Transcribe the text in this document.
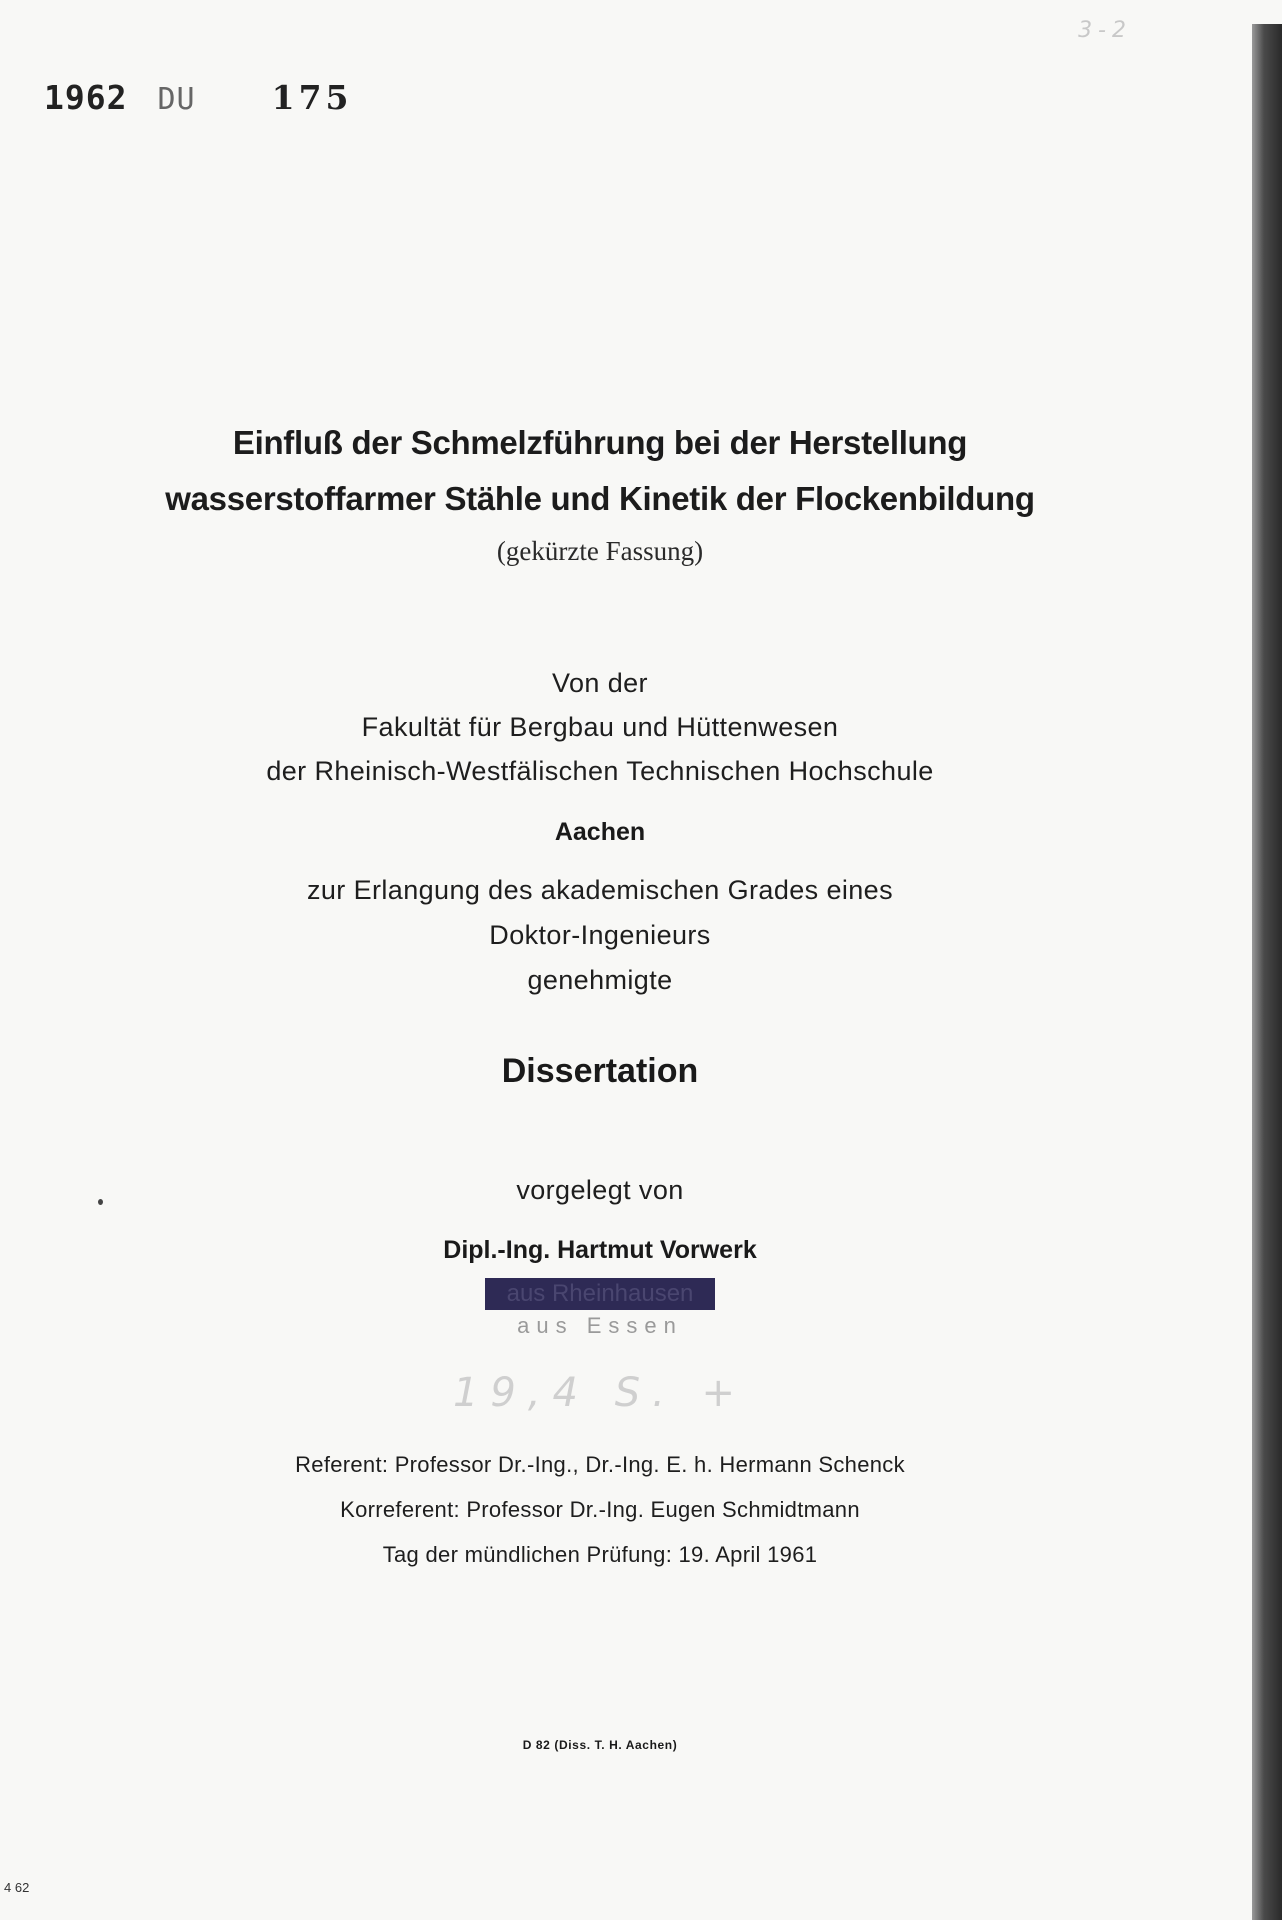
1962 DU 175
3-2
Einfluß der Schmelzführung bei der Herstellung
wasserstoffarmer Stähle und Kinetik der Flockenbildung
(gekürzte Fassung)
Von der
Fakultät für Bergbau und Hüttenwesen
der Rheinisch-Westfälischen Technischen Hochschule
Aachen
zur Erlangung des akademischen Grades eines
Doktor-Ingenieurs
genehmigte
Dissertation
vorgelegt von
Dipl.-Ing. Hartmut Vorwerk
aus Rheinhausen
aus Essen
19,4 S. +
Referent: Professor Dr.-Ing., Dr.-Ing. E. h. Hermann Schenck
Korreferent: Professor Dr.-Ing. Eugen Schmidtmann
Tag der mündlichen Prüfung: 19. April 1961
D 82 (Diss. T. H. Aachen)
4 62
